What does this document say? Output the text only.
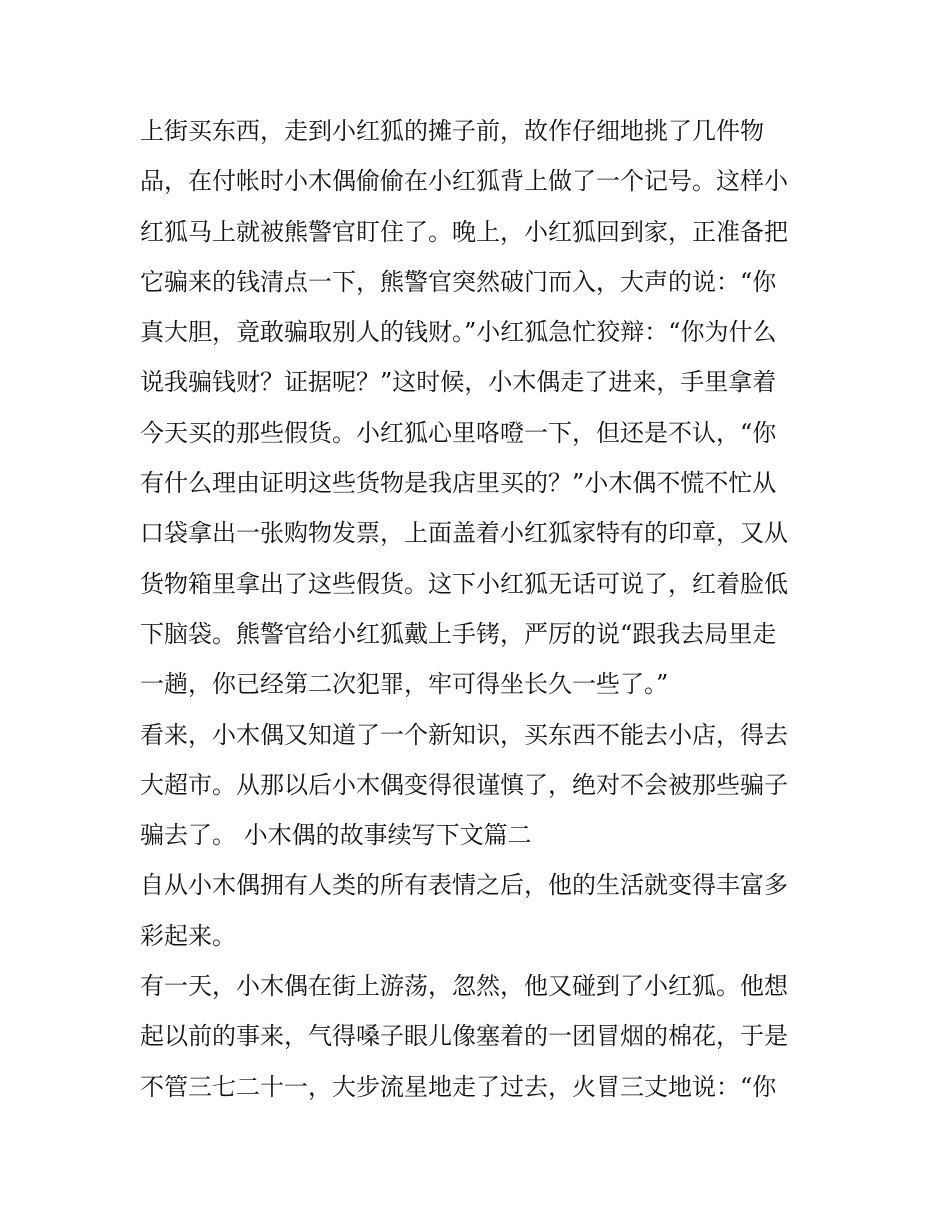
上街买东西，走到小红狐的摊子前，故作仔细地挑了几件物
品，在付帐时小木偶偷偷在小红狐背上做了一个记号。这样小
红狐马上就被熊警官盯住了。晚上，小红狐回到家，正准备把
它骗来的钱清点一下，熊警官突然破门而入，大声的说：“你
真大胆，竟敢骗取别人的钱财。”小红狐急忙狡辩：“你为什么
说我骗钱财？证据呢？”这时候，小木偶走了进来，手里拿着
今天买的那些假货。小红狐心里咯噔一下，但还是不认，“你
有什么理由证明这些货物是我店里买的？”小木偶不慌不忙从
口袋拿出一张购物发票，上面盖着小红狐家特有的印章，又从
货物箱里拿出了这些假货。这下小红狐无话可说了，红着脸低
下脑袋。熊警官给小红狐戴上手铐，严厉的说“跟我去局里走
一趟，你已经第二次犯罪，牢可得坐长久一些了。”
看来，小木偶又知道了一个新知识，买东西不能去小店，得去
大超市。从那以后小木偶变得很谨慎了，绝对不会被那些骗子
骗去了。 小木偶的故事续写下文篇二
自从小木偶拥有人类的所有表情之后，他的生活就变得丰富多
彩起来。
有一天，小木偶在街上游荡，忽然，他又碰到了小红狐。他想
起以前的事来，气得嗓子眼儿像塞着的一团冒烟的棉花，于是
不管三七二十一，大步流星地走了过去，火冒三丈地说：“你
